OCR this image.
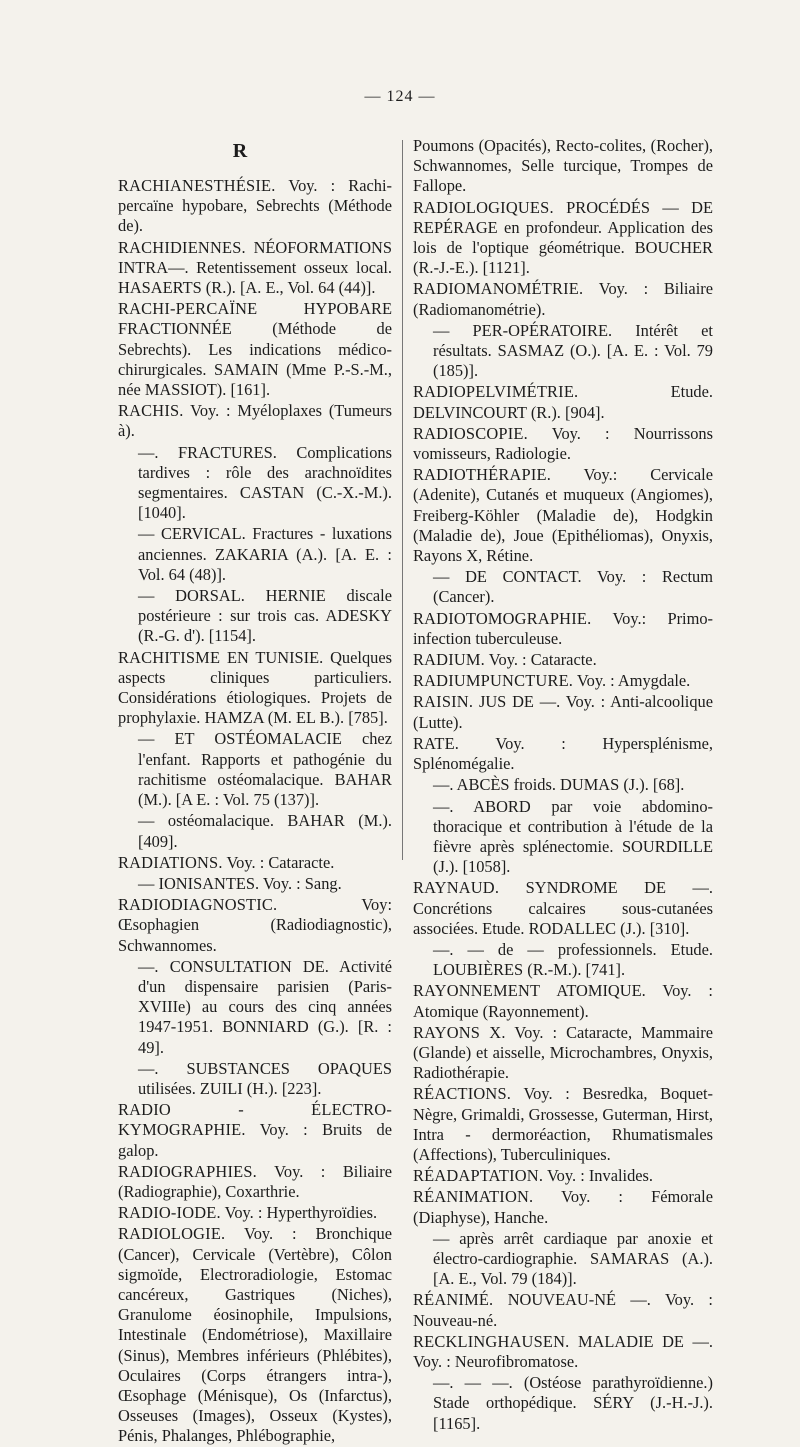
— 124 —
R

RACHIANESTHÉSIE. Voy. : Rachi-percaïne hypobare, Sebrechts (Méthode de).

RACHIDIENNES. NÉOFORMATIONS INTRA—. Retentissement osseux local. HASAERTS (R.). [A. E., Vol. 64 (44)].

RACHI-PERCAÏNE	HYPOBARE FRACTIONNÉE (Méthode de Sebrechts). Les indications médico-chirurgicales. SAMAIN (Mme P.-S.-M., née MASSIOT). [161].

RACHIS. Voy. : Myéloplaxes (Tumeurs à).

—. FRACTURES. Complications tardives : rôle des arachnoïdites segmentaires. CASTAN (C.-X.-M.). [1040].

— CERVICAL. Fractures - luxations anciennes. ZAKARIA (A.). [A. E. : Vol. 64 (48)].

— DORSAL. HERNIE discale postérieure : sur trois cas. ADESKY (R.-G. d'). [1154].

RACHITISME EN TUNISIE. Quelques aspects cliniques particuliers. Considérations étiologiques. Projets de prophylaxie. HAMZA (M. EL B.). [785].

— ET OSTÉOMALACIE chez l'enfant. Rapports et pathogénie du rachitisme ostéomalacique. BAHAR (M.). [A E. : Vol. 75 (137)].

— ostéomalacique. BAHAR (M.). [409].

RADIATIONS. Voy. : Cataracte.

— IONISANTES. Voy. : Sang.

RADIODIAGNOSTIC.	Voy: Œsophagien (Radiodiagnostic), Schwannomes.

—. CONSULTATION DE. Activité d'un dispensaire parisien (Paris-XVIIIe) au cours des cinq années 1947-1951. BONNIARD (G.). [R. : 49].

—. SUBSTANCES OPAQUES utilisées. ZUILI (H.). [223].

RADIO - ÉLECTRO-KYMOGRAPHIE. Voy. : Bruits de galop.

RADIOGRAPHIES. Voy. : Biliaire (Radiographie), Coxarthrie.

RADIO-IODE. Voy. : Hyperthyroïdies.

RADIOLOGIE. Voy. : Bronchique (Cancer), Cervicale (Vertèbre), Côlon sigmoïde, Electroradiologie, Estomac cancéreux, Gastriques (Niches), Granulome éosinophile, Impulsions, Intestinale (Endométriose), Maxillaire (Sinus), Membres inférieurs (Phlébites), Oculaires (Corps étrangers intra-), Œsophage (Ménisque), Os (Infarctus), Osseuses (Images), Osseux (Kystes), Pénis, Phalanges, Phlébographie,

Poumons (Opacités), Recto-colites, (Rocher), Schwannomes, Selle turcique, Trompes de Fallope.

RADIOLOGIQUES. PROCÉDÉS — DE REPÉRAGE en profondeur. Application des lois de l'optique géométrique. BOUCHER (R.-J.-E.). [1121].

RADIOMANOMÉTRIE. Voy. : Biliaire (Radiomanométrie).

— PER-OPÉRATOIRE. Intérêt et résultats. SASMAZ (O.). [A. E. : Vol. 79 (185)].

RADIOPELVIMÉTRIE.	Etude. DELVINCOURT (R.). [904].

RADIOSCOPIE. Voy. : Nourrissons vomisseurs, Radiologie.

RADIOTHÉRAPIE. Voy.: Cervicale (Adenite), Cutanés et muqueux (Angiomes), Freiberg-Köhler (Maladie de), Hodgkin (Maladie de), Joue (Epithéliomas), Onyxis, Rayons X, Rétine.

— DE CONTACT. Voy. : Rectum (Cancer).

RADIOTOMOGRAPHIE. Voy.: Primo-infection tuberculeuse.

RADIUM. Voy. : Cataracte.

RADIUMPUNCTURE. Voy. : Amygdale.

RAISIN. JUS DE —. Voy. : Anti-alcoolique (Lutte).

RATE. Voy. : Hypersplénisme, Splénomégalie.

—. ABCÈS froids. DUMAS (J.). [68].

—. ABORD par voie abdomino-thoracique et contribution à l'étude de la fièvre après splénectomie. SOURDILLE (J.). [1058].

RAYNAUD. SYNDROME DE —. Concrétions calcaires sous-cutanées associées. Etude. RODALLEC (J.). [310].

—. — de — professionnels. Etude. LOUBIÈRES (R.-M.). [741].

RAYONNEMENT ATOMIQUE. Voy. : Atomique (Rayonnement).

RAYONS X. Voy. : Cataracte, Mammaire (Glande) et aisselle, Microchambres, Onyxis, Radiothérapie.

RÉACTIONS. Voy. : Besredka, Boquet-Nègre, Grimaldi, Grossesse, Guterman, Hirst, Intra - dermoréaction, Rhumatismales (Affections), Tuberculiniques.

RÉADAPTATION. Voy. : Invalides.

RÉANIMATION. Voy. : Fémorale (Diaphyse), Hanche.

— après arrêt cardiaque par anoxie et électro-cardiographie. SAMARAS (A.). [A. E., Vol. 79 (184)].

RÉANIMÉ. NOUVEAU-NÉ —. Voy. : Nouveau-né.

RECKLINGHAUSEN. MALADIE DE —. Voy. : Neurofibromatose.

—. — —. (Ostéose parathyroïdienne.) Stade orthopédique. SÉRY (J.-H.-J.). [1165].
